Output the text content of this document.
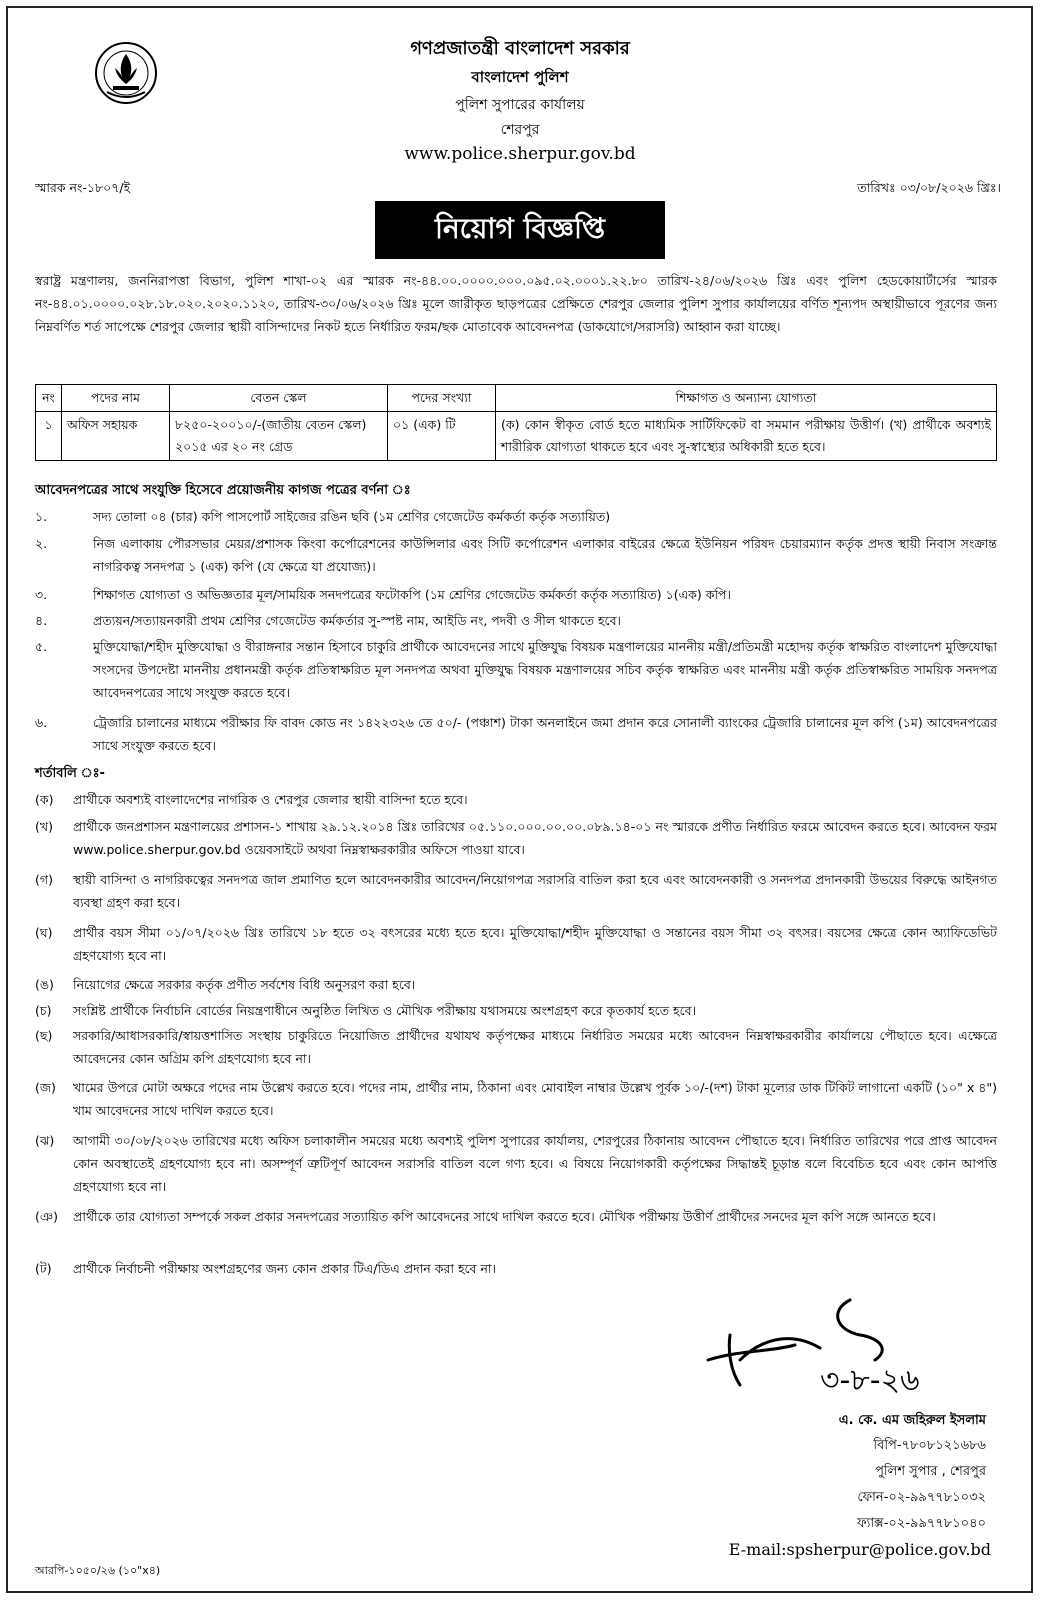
গণপ্রজাতন্ত্রী বাংলাদেশ সরকার
বাংলাদেশ পুলিশ
পুলিশ সুপারের কার্যালয়
শেরপুর
www.police.sherpur.gov.bd
স্মারক নং-১৮০৭/ই	তারিখঃ ০৩/০৮/২০২৬ খ্রিঃ।
নিয়োগ বিজ্ঞপ্তি
স্বরাষ্ট্র মন্ত্রণালয়, জননিরাপত্তা বিভাগ, পুলিশ শাখা-০২ এর স্মারক নং-৪৪.০০.০০০০.০০০.০৯৫.০২.০০০১.২২.৮০ তারিখ-২৪/০৬/২০২৬ খ্রিঃ এবং পুলিশ হেডকোয়ার্টার্সের স্মারক নং-৪৪.০১.০০০০.০২৮.১৮.০২০.২০২০.১১২০, তারিখ-৩০/০৬/২০২৬ খ্রিঃ মূলে জারীকৃত ছাড়পত্রের প্রেক্ষিতে শেরপুর জেলার পুলিশ সুপার কার্যালয়ের বর্ণিত শূন্যপদ অস্থায়ীভাবে পূরণের জন্য নিম্নবর্ণিত শর্ত সাপেক্ষে শেরপুর জেলার স্থায়ী বাসিন্দাদের নিকট হতে নির্ধারিত ফরম/ছক মোতাবেক আবেদনপত্র (ডাকযোগে/সরাসরি) আহ্বান করা যাচ্ছে।
নং	পদের নাম	বেতন স্কেল	পদের সংখ্যা	শিক্ষাগত ও অন্যান্য যোগ্যতা
১	অফিস সহায়ক	৮২৫০-২০০১০/-(জাতীয় বেতন স্কেল) ২০১৫ এর ২০ নং গ্রেড	০১ (এক) টি	(ক) কোন স্বীকৃত বোর্ড হতে মাধ্যমিক সার্টিফিকেট বা সমমান পরীক্ষায় উত্তীর্ণ। (খ) প্রার্থীকে অবশ্যই শারীরিক যোগ্যতা থাকতে হবে এবং সু-স্বাস্থ্যের অধিকারী হতে হবে।
আবেদনপত্রের সাথে সংযুক্তি হিসেবে প্রয়োজনীয় কাগজ পত্রের বর্ণনা ঃ
১.	সদ্য তোলা ০৪ (চার) কপি পাসপোর্ট সাইজের রঙিন ছবি (১ম শ্রেণির গেজেটেড কর্মকর্তা কর্তৃক সত্যায়িত)
২.	নিজ এলাকায় পৌরসভার মেয়র/প্রশাসক কিংবা কর্পোরেশনের কাউন্সিলার এবং সিটি কর্পোরেশন এলাকার বাইরের ক্ষেত্রে ইউনিয়ন পরিষদ চেয়ারম্যান কর্তৃক প্রদত্ত স্থায়ী নিবাস সংক্রান্ত নাগরিকত্ব সনদপত্র ১ (এক) কপি (যে ক্ষেত্রে যা প্রযোজ্য)।
৩.	শিক্ষাগত যোগ্যতা ও অভিজ্ঞতার মূল/সাময়িক সনদপত্রের ফটোকপি (১ম শ্রেণির গেজেটেড কর্মকর্তা কর্তৃক সত্যায়িত) ১(এক) কপি।
৪.	প্রত্যয়ন/সত্যায়নকারী প্রথম শ্রেণির গেজেটেড কর্মকর্তার সু-স্পষ্ট নাম, আইডি নং, পদবী ও সীল থাকতে হবে।
৫.	মুক্তিযোদ্ধা/শহীদ মুক্তিযোদ্ধা ও বীরাঙ্গনার সন্তান হিসাবে চাকুরি প্রার্থীকে আবেদনের সাথে মুক্তিযুদ্ধ বিষয়ক মন্ত্রণালয়ের মাননীয় মন্ত্রী/প্রতিমন্ত্রী মহোদয় কর্তৃক স্বাক্ষরিত বাংলাদেশ মুক্তিযোদ্ধা সংসদের উপদেষ্টা মাননীয় প্রধানমন্ত্রী কর্তৃক প্রতিস্বাক্ষরিত মূল সনদপত্র অথবা মুক্তিযুদ্ধ বিষয়ক মন্ত্রণালয়ের সচিব কর্তৃক স্বাক্ষরিত এবং মাননীয় মন্ত্রী কর্তৃক প্রতিস্বাক্ষরিত সাময়িক সনদপত্র আবেদনপত্রের সাথে সংযুক্ত করতে হবে।
৬.	ট্রেজারি চালানের মাধ্যমে পরীক্ষার ফি বাবদ কোড নং ১৪২২৩২৬ তে ৫০/- (পঞ্চাশ) টাকা অনলাইনে জমা প্রদান করে সোনালী ব্যাংকের ট্রেজারি চালানের মূল কপি (১ম) আবেদনপত্রের সাথে সংযুক্ত করতে হবে।
শর্তাবলি ঃ-
(ক)	প্রার্থীকে অবশ্যই বাংলাদেশের নাগরিক ও শেরপুর জেলার স্থায়ী বাসিন্দা হতে হবে।
(খ)	প্রার্থীকে জনপ্রশাসন মন্ত্রণালয়ের প্রশাসন-১ শাখায় ২৯.১২.২০১৪ খ্রিঃ তারিখের ০৫.১১০.০০০.০০.০০.০৮৯.১৪-০১ নং স্মারকে প্রণীত নির্ধারিত ফরমে আবেদন করতে হবে। আবেদন ফরম www.police.sherpur.gov.bd ওয়েবসাইটে অথবা নিম্নস্বাক্ষরকারীর অফিসে পাওয়া যাবে।
(গ)	স্থায়ী বাসিন্দা ও নাগরিকত্বের সনদপত্র জাল প্রমাণিত হলে আবেদনকারীর আবেদন/নিয়োগপত্র সরাসরি বাতিল করা হবে এবং আবেদনকারী ও সনদপত্র প্রদানকারী উভয়ের বিরুদ্ধে আইনগত ব্যবস্থা গ্রহণ করা হবে।
(ঘ)	প্রার্থীর বয়স সীমা ০১/০৭/২০২৬ খ্রিঃ তারিখে ১৮ হতে ৩২ বৎসরের মধ্যে হতে হবে। মুক্তিযোদ্ধা/শহীদ মুক্তিযোদ্ধা ও সন্তানের বয়স সীমা ৩২ বৎসর। বয়সের ক্ষেত্রে কোন অ্যাফিডেভিট গ্রহণযোগ্য হবে না।
(ঙ)	নিয়োগের ক্ষেত্রে সরকার কর্তৃক প্রণীত সর্বশেষ বিধি অনুসরণ করা হবে।
(চ)	সংশ্লিষ্ট প্রার্থীকে নির্বাচনি বোর্ডের নিয়ন্ত্রণাধীনে অনুষ্ঠিত লিখিত ও মৌখিক পরীক্ষায় যথাসময়ে অংশগ্রহণ করে কৃতকার্য হতে হবে।
(ছ)	সরকারি/আধাসরকারি/স্বায়ত্তশাসিত সংস্থায় চাকুরিতে নিয়োজিত প্রার্থীদের যথাযথ কর্তৃপক্ষের মাধ্যমে নির্ধারিত সময়ের মধ্যে আবেদন নিম্নস্বাক্ষরকারীর কার্যালয়ে পৌছাতে হবে। এক্ষেত্রে আবেদনের কোন অগ্রিম কপি গ্রহণযোগ্য হবে না।
(জ)	খামের উপরে মোটা অক্ষরে পদের নাম উল্লেখ করতে হবে। পদের নাম, প্রার্থীর নাম, ঠিকানা এবং মোবাইল নাম্বার উল্লেখ পূর্বক ১০/-(দশ) টাকা মূল্যের ডাক টিকিট লাগানো একটি (১০" x ৪") খাম আবেদনের সাথে দাখিল করতে হবে।
(ঝ)	আগামী ৩০/০৮/২০২৬ তারিখের মধ্যে অফিস চলাকালীন সময়ের মধ্যে অবশ্যই পুলিশ সুপারের কার্যালয়, শেরপুরের ঠিকানায় আবেদন পৌছাতে হবে। নির্ধারিত তারিখের পরে প্রাপ্ত আবেদন কোন অবস্থাতেই গ্রহণযোগ্য হবে না। অসম্পূর্ণ ত্রুটিপূর্ণ আবেদন সরাসরি বাতিল বলে গণ্য হবে। এ বিষয়ে নিয়োগকারী কর্তৃপক্ষের সিদ্ধান্তই চূড়ান্ত বলে বিবেচিত হবে এবং কোন আপত্তি গ্রহণযোগ্য হবে না।
(ঞ)	প্রার্থীকে তার যোগ্যতা সম্পর্কে সকল প্রকার সনদপত্রের সত্যায়িত কপি আবেদনের সাথে দাখিল করতে হবে। মৌখিক পরীক্ষায় উত্তীর্ণ প্রার্থীদের সনদের মূল কপি সঙ্গে আনতে হবে।
(ট)	প্রার্থীকে নির্বাচনী পরীক্ষায় অংশগ্রহণের জন্য কোন প্রকার টিএ/ডিএ প্রদান করা হবে না।
৩-৮-২৬
এ. কে. এম জহিরুল ইসলাম
বিপি-৭৮০৮১২১৬৮৬
পুলিশ সুপার , শেরপুর
ফোন-০২-৯৯৭৭৮১০৩২
ফ্যাক্স-০২-৯৯৭৭৮১০৪০
E-mail:spsherpur@police.gov.bd
আরপি-১০৫০/২৬ (১০"x৪)
